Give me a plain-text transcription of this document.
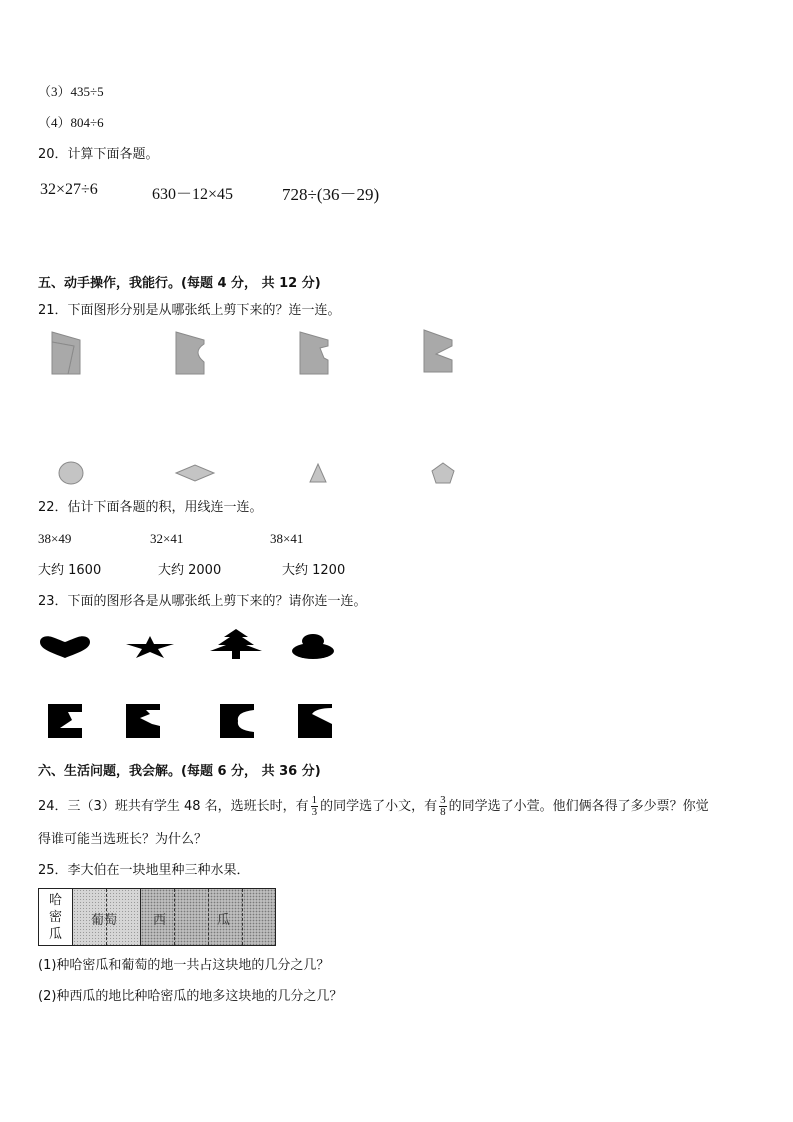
（3）435÷5
（4）804÷6
20．计算下面各题。
32×27÷6	630－12×45	728÷(36－29)
五、动手操作，我能行。(每题 4 分， 共 12 分)
21．下面图形分别是从哪张纸上剪下来的？连一连。
22．估计下面各题的积，用线连一连。
38×49	32×41	38×41
大约 1600	大约 2000	大约 1200
23．下面的图形各是从哪张纸上剪下来的？请你连一连。
六、生活问题，我会解。(每题 6 分， 共 36 分)
24．三（3）班共有学生 48 名，选班长时，有 $\frac{1}{3}$ 的同学选了小文，有 $\frac{3}{8}$ 的同学选了小萱。他们俩各得了多少票？你觉
得谁可能当选班长？为什么？
25．李大伯在一块地里种三种水果．
哈
密
瓜
葡萄	西	瓜
(1)种哈密瓜和葡萄的地一共占这块地的几分之几？
(2)种西瓜的地比种哈密瓜的地多这块地的几分之几？
